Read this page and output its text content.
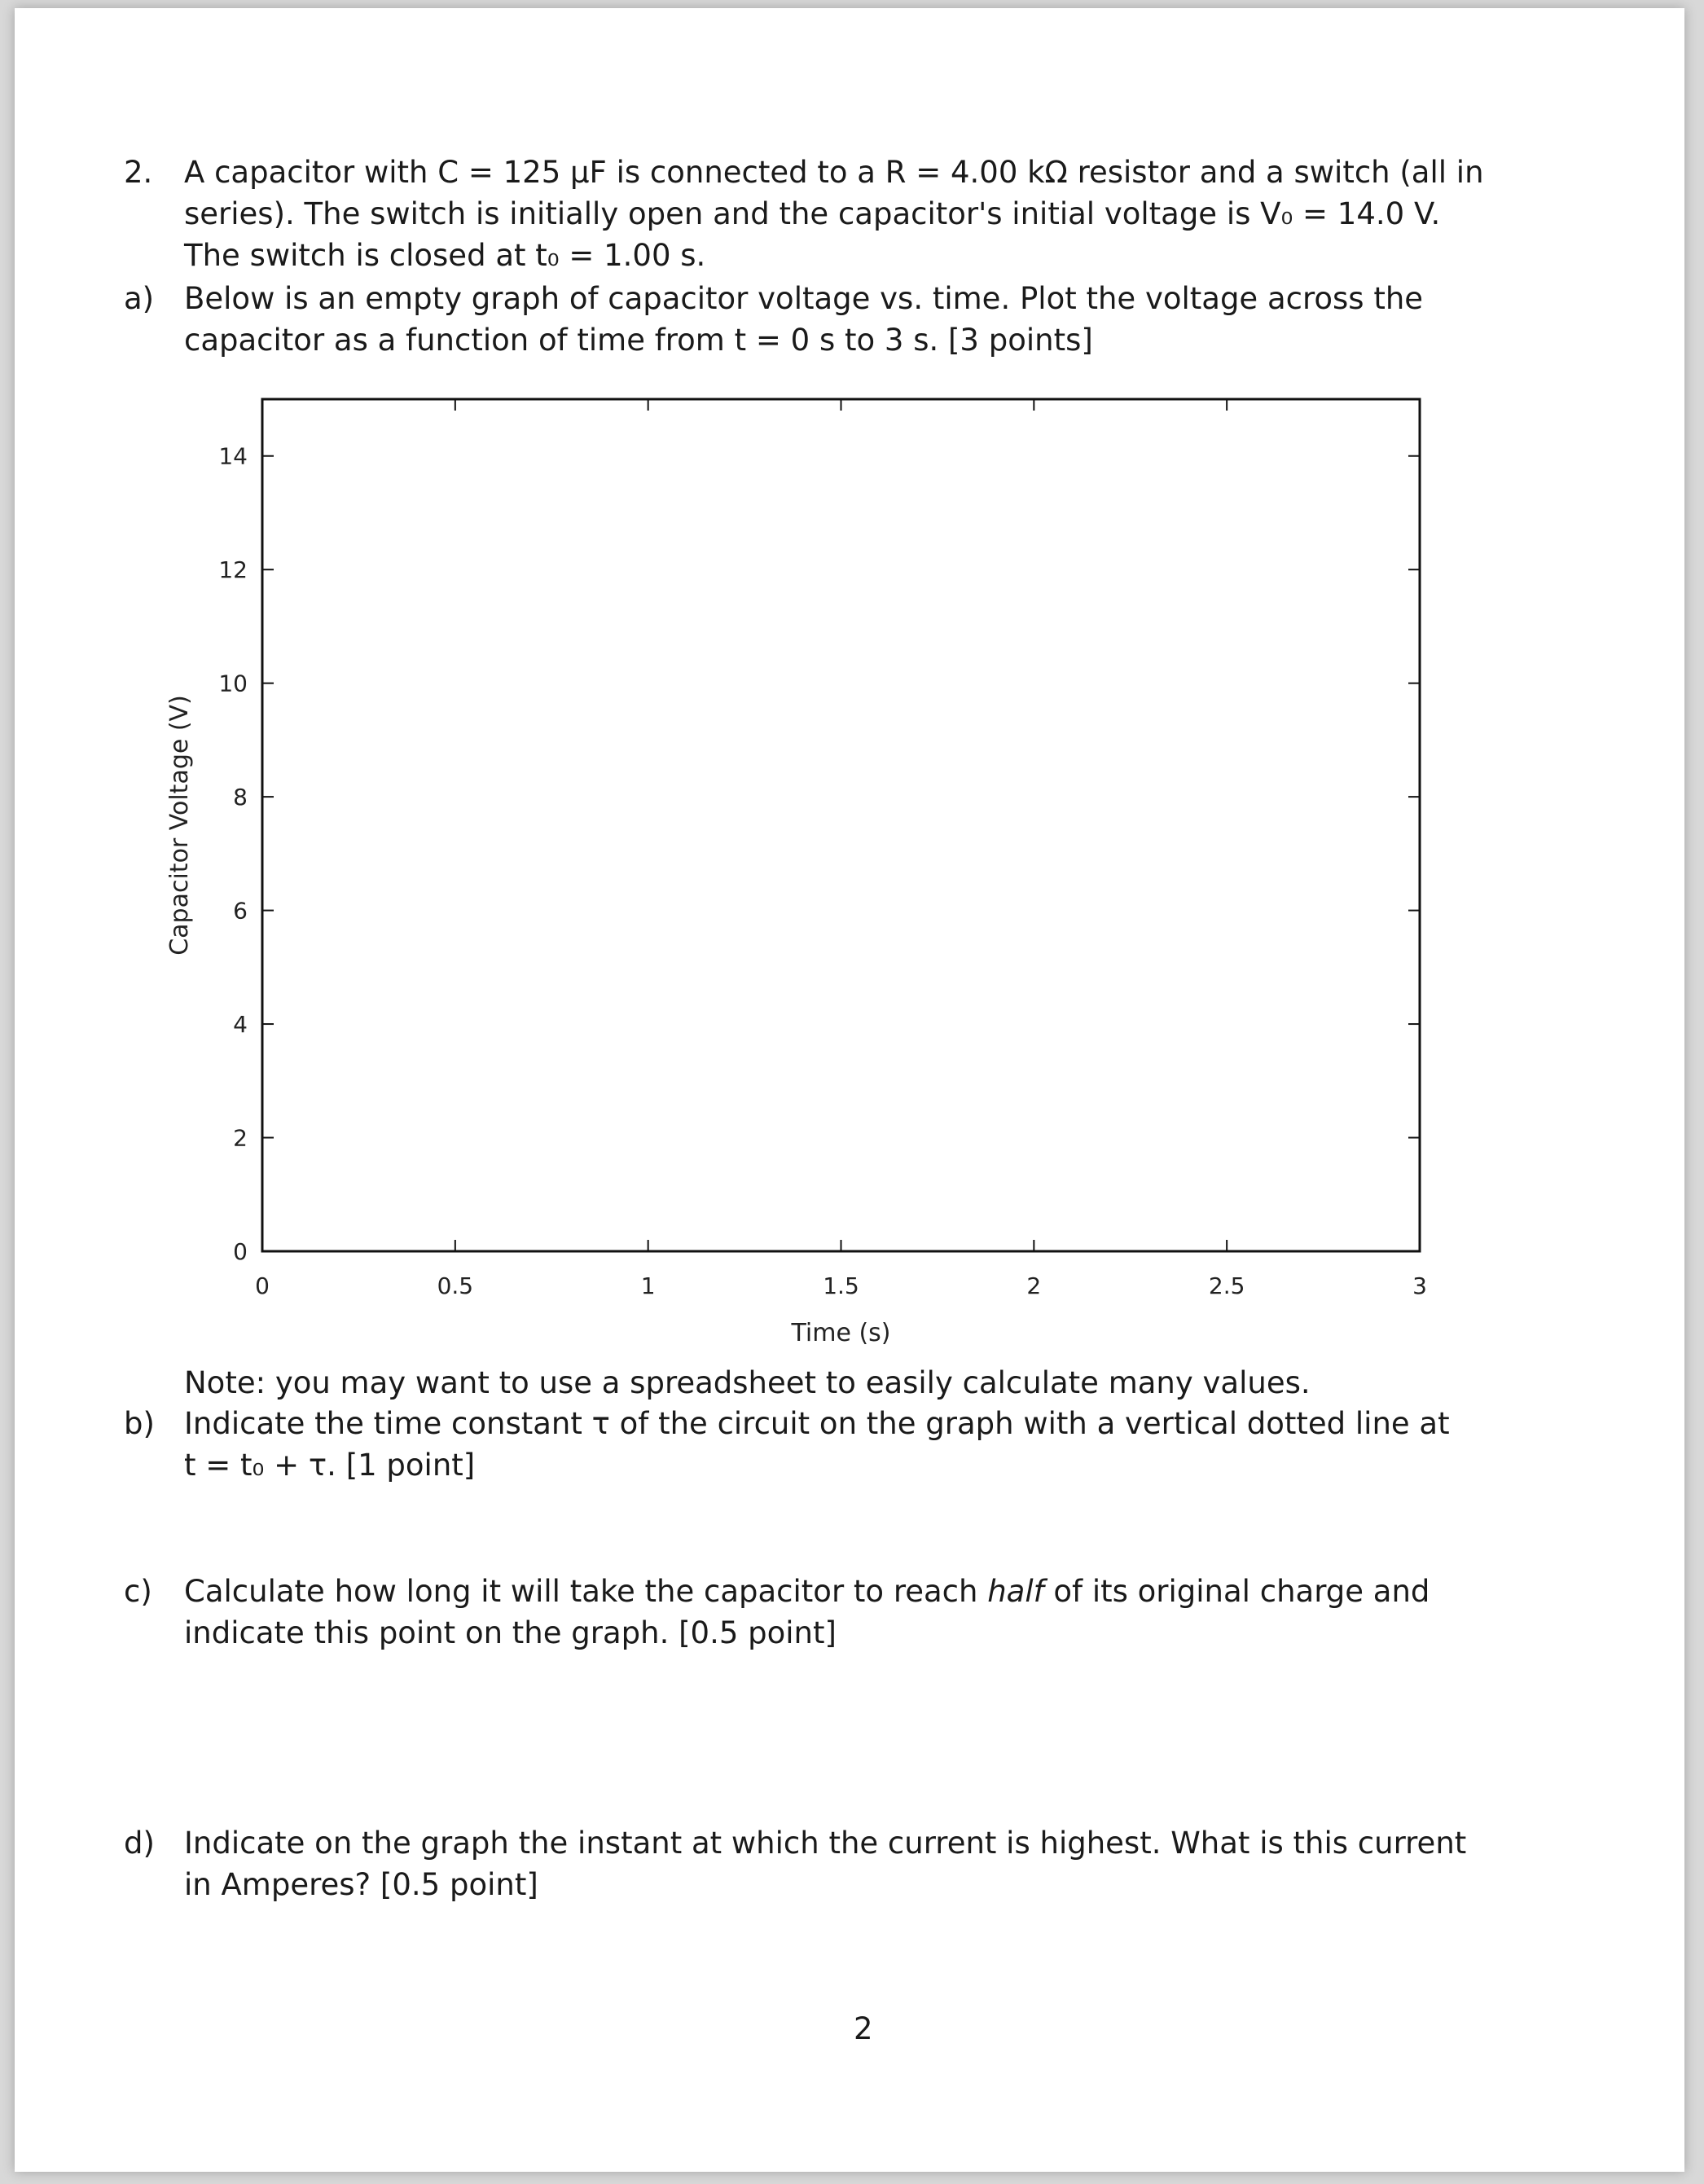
2.	A capacitor with C = 125 μF is connected to a R = 4.00 kΩ resistor and a switch (all in
series). The switch is initially open and the capacitor's initial voltage is V₀ = 14.0 V.
The switch is closed at t₀ = 1.00 s.
a) Below is an empty graph of capacitor voltage vs. time. Plot the voltage across the
capacitor as a function of time from t = 0 s to 3 s. [3 points]
0	0.5	1	1.5	2	2.5	3
0
2
4
6
8
10
12
14
Time (s)
Capacitor Voltage (V)
Note: you may want to use a spreadsheet to easily calculate many values.
b) Indicate the time constant τ of the circuit on the graph with a vertical dotted line at
t = t₀ + τ. [1 point]
c)	Calculate how long it will take the capacitor to reach half of its original charge and
indicate this point on the graph. [0.5 point]
d) Indicate on the graph the instant at which the current is highest. What is this current
in Amperes? [0.5 point]
2
